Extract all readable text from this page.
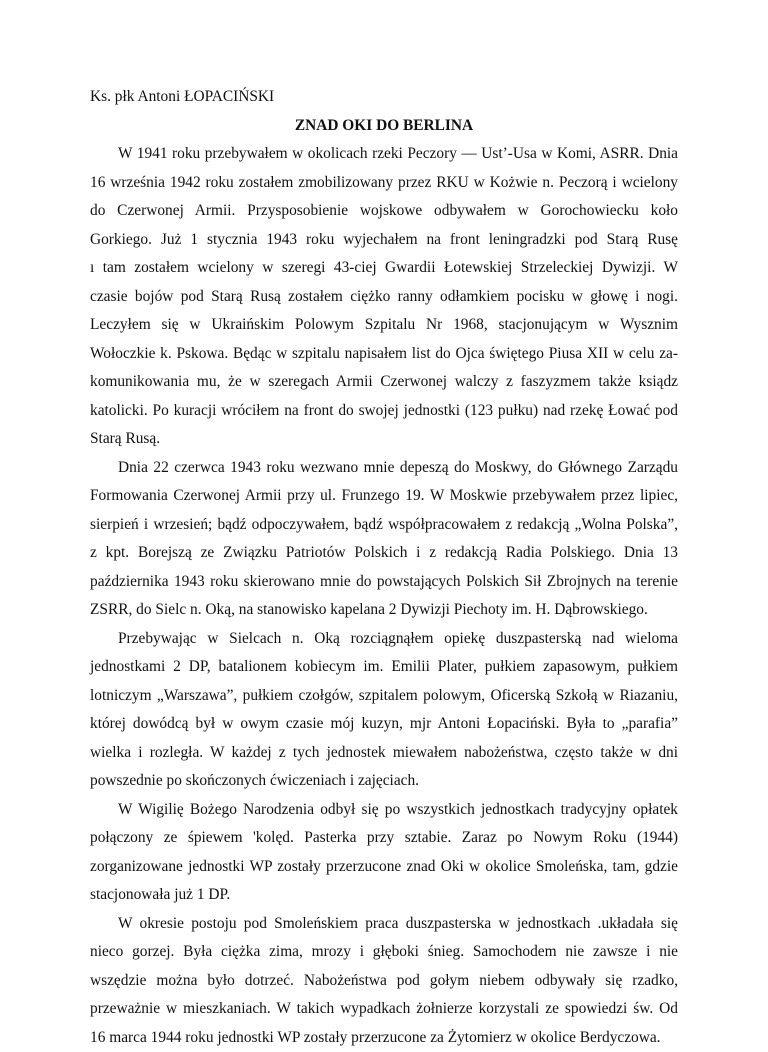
Ks. płk Antoni ŁOPACIŃSKI

ZNAD OKI DO BERLINA

W 1941 roku przebywałem w okolicach rzeki Peczory — Ust’-Usa w Komi, ASRR. Dnia
16 września 1942 roku zostałem zmobilizowany przez RKU w Kożwie n. Peczorą i wcielony
do Czerwonej Armii. Przysposobienie wojskowe odbywałem w Gorochowiecku koło
Gorkiego. Już 1 stycznia 1943 roku wyjechałem na front leningradzki pod Starą Rusę
ı tam zostałem wcielony w szeregi 43-ciej Gwardii Łotewskiej Strzeleckiej Dywizji. W
czasie bojów pod Starą Rusą zostałem ciężko ranny odłamkiem pocisku w głowę i nogi.
Leczyłem się w Ukraińskim Polowym Szpitalu Nr 1968, stacjonującym w Wysznim
Wołoczkie k. Pskowa. Będąc w szpitalu napisałem list do Ojca świętego Piusa XII w celu za-
komunikowania mu, że w szeregach Armii Czerwonej walczy z faszyzmem także ksiądz
katolicki. Po kuracji wróciłem na front do swojej jednostki (123 pułku) nad rzekę Łować pod
Starą Rusą.
Dnia 22 czerwca 1943 roku wezwano mnie depeszą do Moskwy, do Głównego Zarządu
Formowania Czerwonej Armii przy ul. Frunzego 19. W Moskwie przebywałem przez lipiec,
sierpień i wrzesień; bądź odpoczywałem, bądź współpracowałem z redakcją „Wolna Polska”,
z kpt. Borejszą ze Związku Patriotów Polskich i z redakcją Radia Polskiego. Dnia 13
października 1943 roku skierowano mnie do powstających Polskich Sił Zbrojnych na terenie
ZSRR, do Sielc n. Oką, na stanowisko kapelana 2 Dywizji Piechoty im. H. Dąbrowskiego.
Przebywając w Sielcach n. Oką rozciągnąłem opiekę duszpasterską nad wieloma
jednostkami 2 DP, batalionem kobiecym im. Emilii Plater, pułkiem zapasowym, pułkiem
lotniczym „Warszawa”, pułkiem czołgów, szpitalem polowym, Oficerską Szkołą w Riazaniu,
której dowódcą był w owym czasie mój kuzyn, mjr Antoni Łopaciński. Była to „parafia”
wielka i rozległa. W każdej z tych jednostek miewałem nabożeństwa, często także w dni
powszednie po skończonych ćwiczeniach i zajęciach.
W Wigilię Bożego Narodzenia odbył się po wszystkich jednostkach tradycyjny opłatek
połączony ze śpiewem 'kolęd. Pasterka przy sztabie. Zaraz po Nowym Roku (1944)
zorganizowane jednostki WP zostały przerzucone znad Oki w okolice Smoleńska, tam, gdzie
stacjonowała już 1 DP.
W okresie postoju pod Smoleńskiem praca duszpasterska w jednostkach .układała się
nieco gorzej. Była ciężka zima, mrozy i głęboki śnieg. Samochodem nie zawsze i nie
wszędzie można było dotrzeć. Nabożeństwa pod gołym niebem odbywały się rzadko,
przeważnie w mieszkaniach. W takich wypadkach żołnierze korzystali ze spowiedzi św. Od
16 marca 1944 roku jednostki WP zostały przerzucone za Żytomierz w okolice Berdyczowa.
